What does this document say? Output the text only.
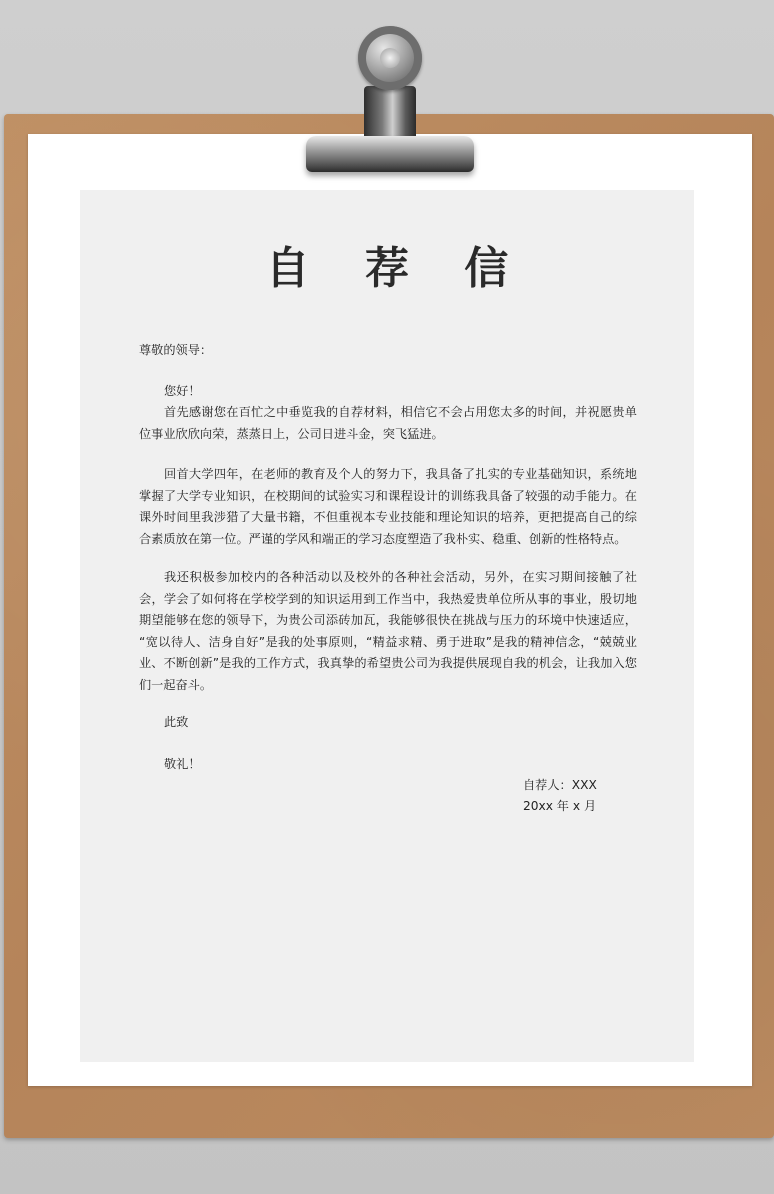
自 荐 信
尊敬的领导：
您好！
首先感谢您在百忙之中垂览我的自荐材料，相信它不会占用您太多的时间，并祝愿贵单位事业欣欣向荣，蒸蒸日上，公司日进斗金，突飞猛进。
回首大学四年，在老师的教育及个人的努力下，我具备了扎实的专业基础知识，系统地掌握了大学专业知识，在校期间的试验实习和课程设计的训练我具备了较强的动手能力。在课外时间里我涉猎了大量书籍，不但重视本专业技能和理论知识的培养，更把提高自己的综合素质放在第一位。严谨的学风和端正的学习态度塑造了我朴实、稳重、创新的性格特点。
我还积极参加校内的各种活动以及校外的各种社会活动，另外，在实习期间接触了社会，学会了如何将在学校学到的知识运用到工作当中，我热爱贵单位所从事的事业，殷切地期望能够在您的领导下，为贵公司添砖加瓦，我能够很快在挑战与压力的环境中快速适应， “宽以待人、洁身自好”是我的处事原则，“精益求精、勇于进取”是我的精神信念，“兢兢业业、不断创新”是我的工作方式，我真挚的希望贵公司为我提供展现自我的机会，让我加入您们一起奋斗。
此致
敬礼！
自荐人：XXX
20xx 年 x 月
